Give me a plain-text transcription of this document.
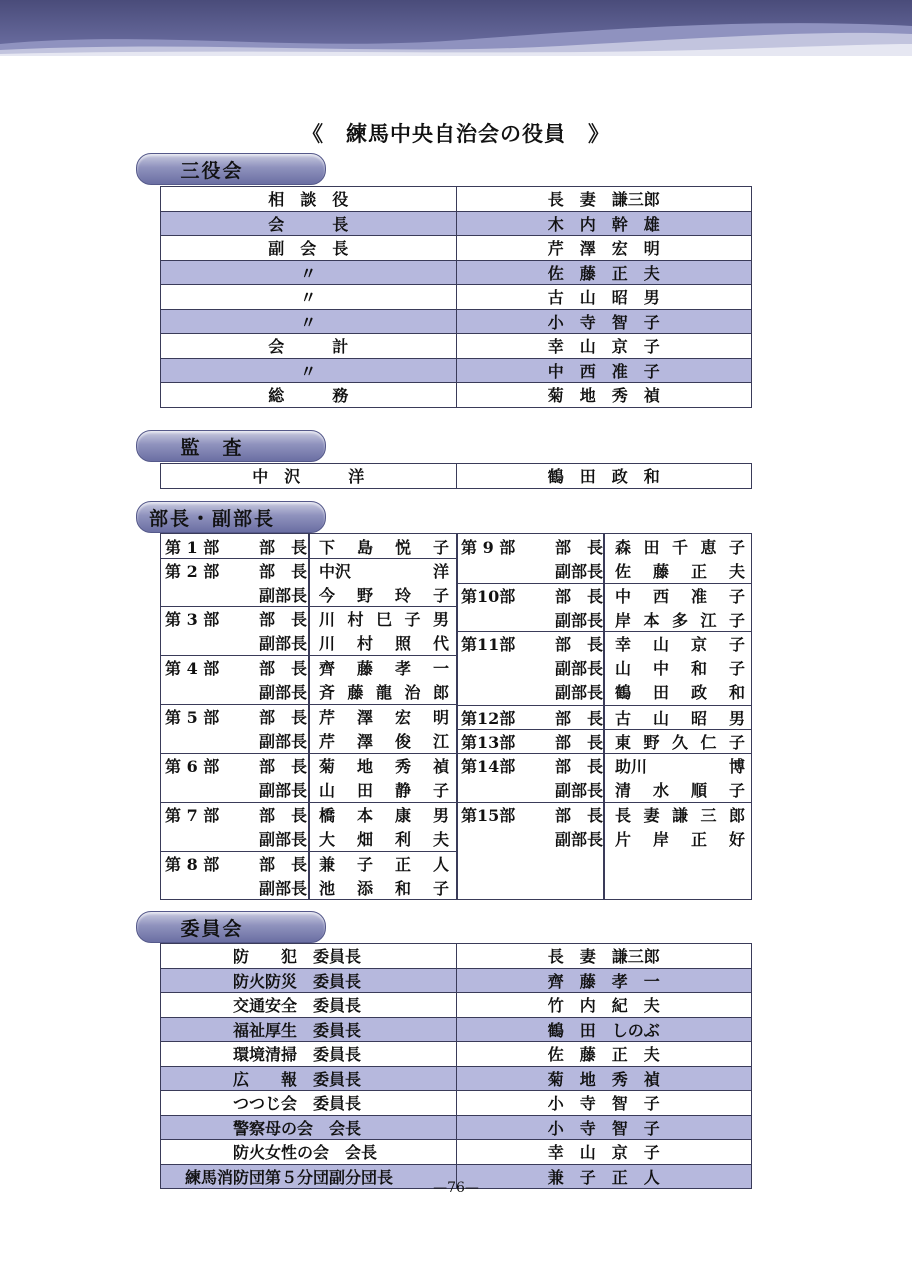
《　練馬中央自治会の役員　》
三役会
相　談　役	長　妻　謙三郎
会　　　長	木　内　幹　雄
副　会　長	芹　澤　宏　明
〃	佐　藤　正　夫
〃	古　山　昭　男
〃	小　寺　智　子
会　　　計	幸　山　京　子
〃	中　西　准　子
総　　　務	菊　地　秀　禎
監　査
中　沢　　　洋	鶴　田　政　和
部長・副部長
第 1 部	部　長 下 島 悦 子
第 2 部	部　長 中沢	洋
副部長 今 野 玲 子
第 3 部	部　長 川 村 巳 子 男
副部長 川 村 照 代
第 4 部	部　長 齊 藤 孝 一
副部長 斉 藤 龍 治 郎
第 5 部	部　長 芹 澤 宏 明
副部長 芹 澤 俊 江
第 6 部	部　長 菊 地 秀 禎
副部長 山 田 静 子
第 7 部	部　長 橋 本 康 男
副部長 大 畑 利 夫
第 8 部	部　長 兼 子 正 人
副部長 池 添 和 子
第 9 部	部　長 森 田 千 恵 子
副部長 佐 藤 正 夫
第10部	部　長 中 西 准 子
副部長 岸 本 多 江 子
第11部	部　長 幸 山 京 子
副部長 山 中 和 子
副部長 鶴 田 政 和
第12部	部　長 古 山 昭 男
第13部	部　長 東 野 久 仁 子
第14部	部　長 助川	博
副部長 清 水 順 子
第15部	部　長 長 妻 謙 三 郎
副部長 片 岸 正 好
委員会
防　　犯　委員長	長　妻　謙三郎
防火防災　委員長	齊　藤　孝　一
交通安全　委員長	竹　内　紀　夫
福祉厚生　委員長	鶴　田　しのぶ
環境清掃　委員長	佐　藤　正　夫
広　　報　委員長	菊　地　秀　禎
つつじ会　委員長	小　寺　智　子
警察母の会　会長	小　寺　智　子
防火女性の会　会長	幸　山　京　子
練馬消防団第５分団副分団長	兼　子　正　人
—76—
